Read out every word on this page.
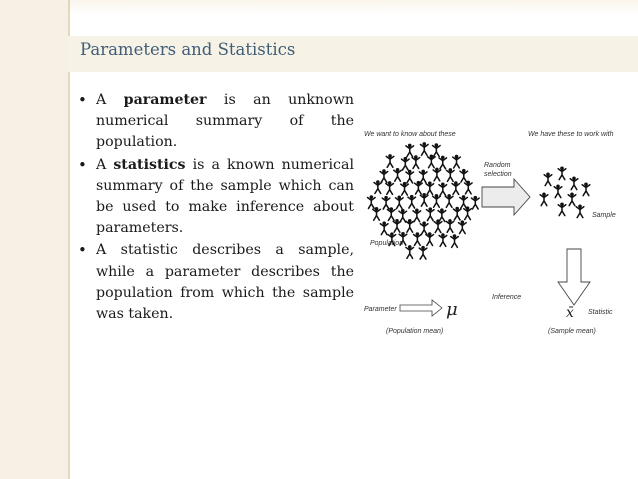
Parameters and Statistics
• A parameter is an unknown numerical summary of the population.
• A statistics is a known numerical summary of the sample which can be used to make inference about parameters.
• A statistic describes a sample, while a parameter describes the population from which the sample was taken.
We want to know about these	We have these to work with
Population
Random
selection
Sample
Inference
Parameter	μ
(Population mean)
x̄ Statistic
(Sample mean)
